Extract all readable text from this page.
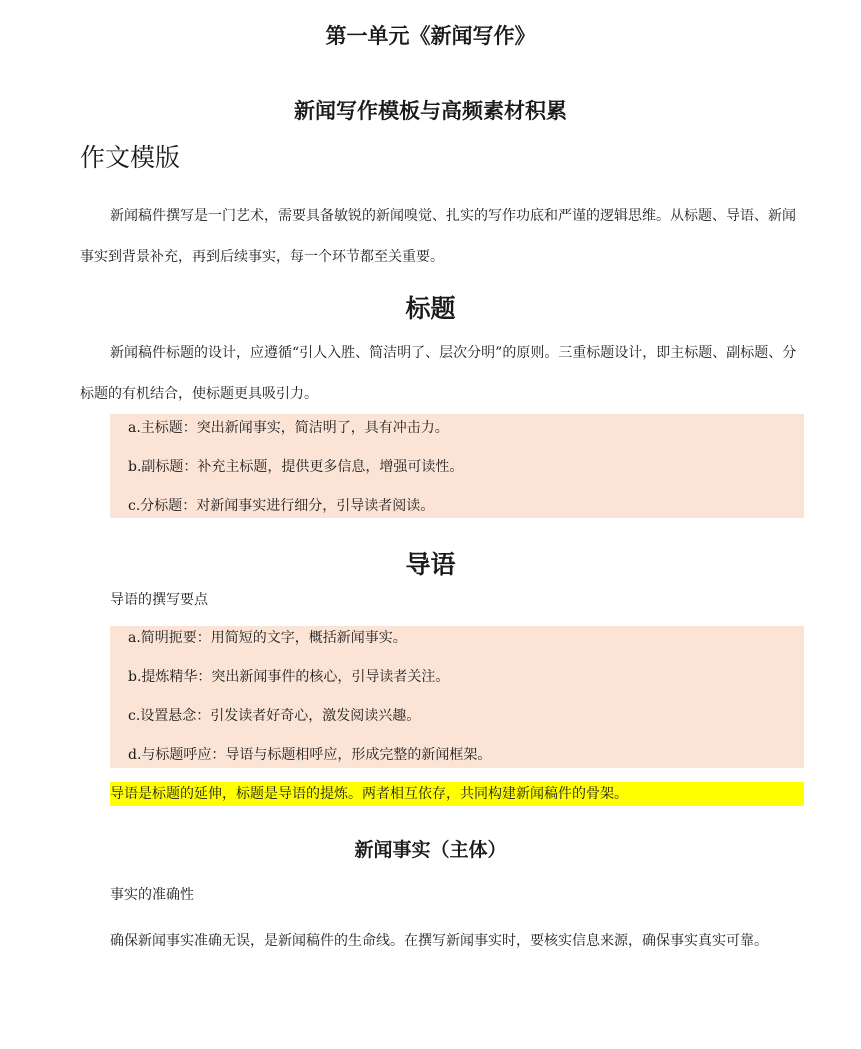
第一单元《新闻写作》
新闻写作模板与高频素材积累
作文模版
新闻稿件撰写是一门艺术，需要具备敏锐的新闻嗅觉、扎实的写作功底和严谨的逻辑思维。从标题、导语、新闻事实到背景补充，再到后续事实，每一个环节都至关重要。
标题
新闻稿件标题的设计，应遵循“引人入胜、简洁明了、层次分明”的原则。三重标题设计，即主标题、副标题、分标题的有机结合，使标题更具吸引力。
a.主标题：突出新闻事实，简洁明了，具有冲击力。
b.副标题：补充主标题，提供更多信息，增强可读性。
c.分标题：对新闻事实进行细分，引导读者阅读。
导语
导语的撰写要点
a.简明扼要：用简短的文字，概括新闻事实。
b.提炼精华：突出新闻事件的核心，引导读者关注。
c.设置悬念：引发读者好奇心，激发阅读兴趣。
d.与标题呼应：导语与标题相呼应，形成完整的新闻框架。
导语是标题的延伸，标题是导语的提炼。两者相互依存，共同构建新闻稿件的骨架。
新闻事实（主体）
事实的准确性
确保新闻事实准确无误，是新闻稿件的生命线。在撰写新闻事实时，要核实信息来源，确保事实真实可靠。
